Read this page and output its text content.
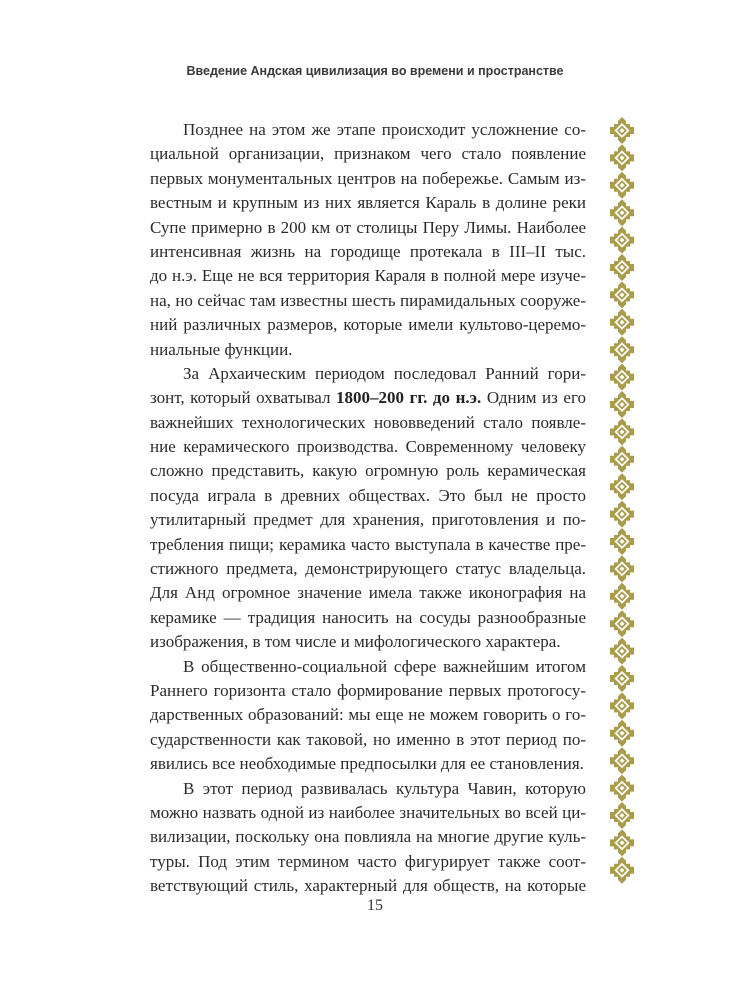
Введение Андская цивилизация во времени и пространстве
Позднее на этом же этапе происходит усложнение со-
циальной организации, признаком чего стало появление
первых монументальных центров на побережье. Самым из-
вестным и крупным из них является Караль в долине реки
Супе примерно в 200 км от столицы Перу Лимы. Наиболее
интенсивная жизнь на городище протекала в III–II тыс.
до н.э. Еще не вся территория Караля в полной мере изуче-
на, но сейчас там известны шесть пирамидальных сооруже-
ний различных размеров, которые имели культово-церемо-
ниальные функции.
За Архаическим периодом последовал Ранний гори-
зонт, который охватывал 1800–200 гг. до н.э. Одним из его
важнейших технологических нововведений стало появле-
ние керамического производства. Современному человеку
сложно представить, какую огромную роль керамическая
посуда играла в древних обществах. Это был не просто
утилитарный предмет для хранения, приготовления и по-
требления пищи; керамика часто выступала в качестве пре-
стижного предмета, демонстрирующего статус владельца.
Для Анд огромное значение имела также иконография на
керамике — традиция наносить на сосуды разнообразные
изображения, в том числе и мифологического характера.
В общественно-социальной сфере важнейшим итогом
Раннего горизонта стало формирование первых протогосу-
дарственных образований: мы еще не можем говорить о го-
сударственности как таковой, но именно в этот период по-
явились все необходимые предпосылки для ее становления.
В этот период развивалась культура Чавин, которую
можно назвать одной из наиболее значительных во всей ци-
вилизации, поскольку она повлияла на многие другие куль-
туры. Под этим термином часто фигурирует также соот-
ветствующий стиль, характерный для обществ, на которые
15
